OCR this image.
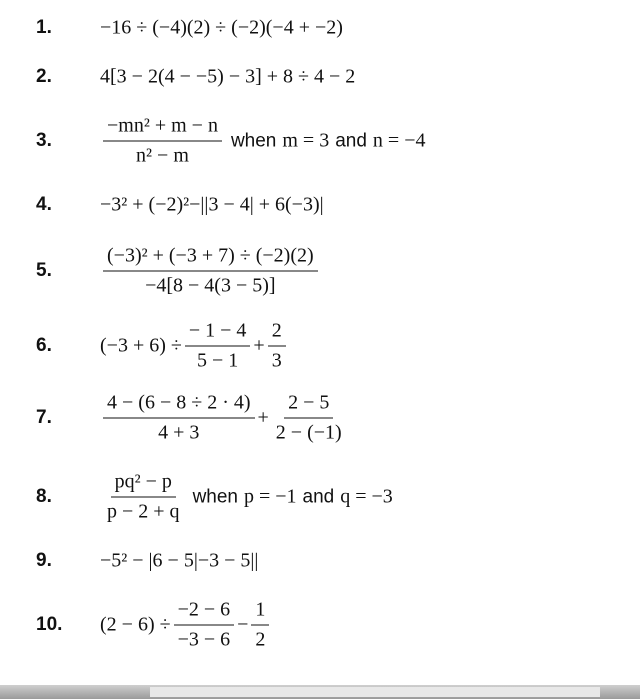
1. −16 ÷ (−4)(2) ÷ (−2)(−4 + −2)
2. 4[3 − 2(4 − −5) − 3] + 8 ÷ 4 − 2
3.	$\frac{\text{−mn² + m − n}}{\text{n² − m}}$ when m = 3 and n = −4
4. −3² + (−2)²−||3 − 4| + 6(−3)|
5.	$\frac{\text{(−3)² + (−3 + 7) ÷ (−2)(2)}}{-4[8 - 4(3 - 5)]}$
6. $(-3 + 6) \div \frac{- 1 - 4}{5 - 1} + \frac{2}{3}$
7.	$\frac{4 - (6 - 8 \div 2 \cdot 4)}{4 + 3} + \frac{2 - 5}{2 - (-1)}$
8.	$\frac{\text{pq² − p}}{p - 2 + q}$ when p = −1 and q = −3
9. −5² − |6 − 5|−3 − 5||
10. $(2 - 6) \div \frac{-2 - 6}{-3 - 6} - \frac{1}{2}$
